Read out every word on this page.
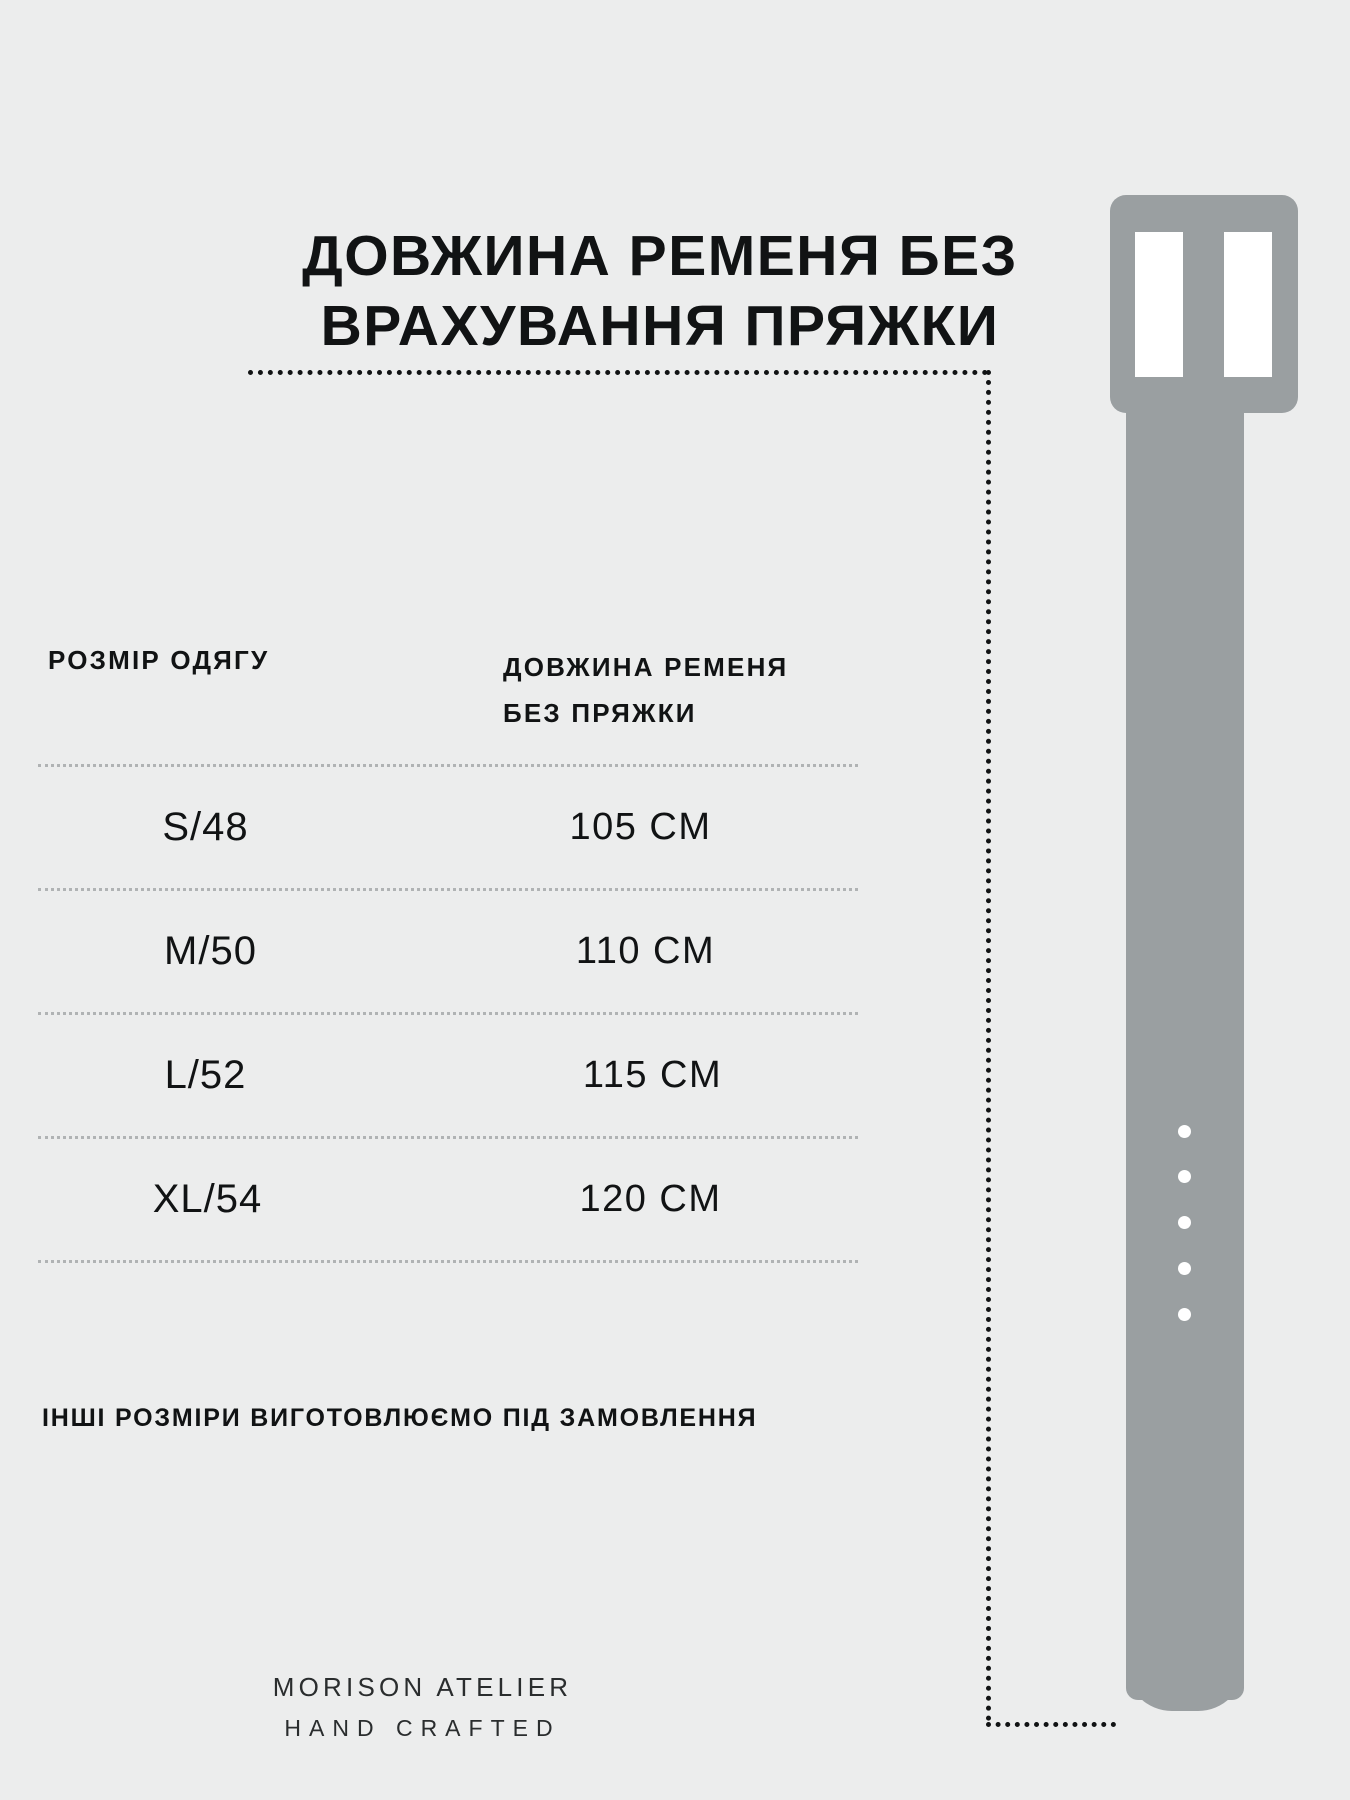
ДОВЖИНА РЕМЕНЯ БЕЗ
ВРАХУВАННЯ ПРЯЖКИ
РОЗМІР ОДЯГУ	ДОВЖИНА РЕМЕНЯ
БЕЗ ПРЯЖКИ
S/48	105 CM
M/50	110 CM
L/52	115 CM
XL/54	120 CM
ІНШІ РОЗМІРИ ВИГОТОВЛЮЄМО ПІД ЗАМОВЛЕННЯ
MORISON ATELIER
HAND CRAFTED
